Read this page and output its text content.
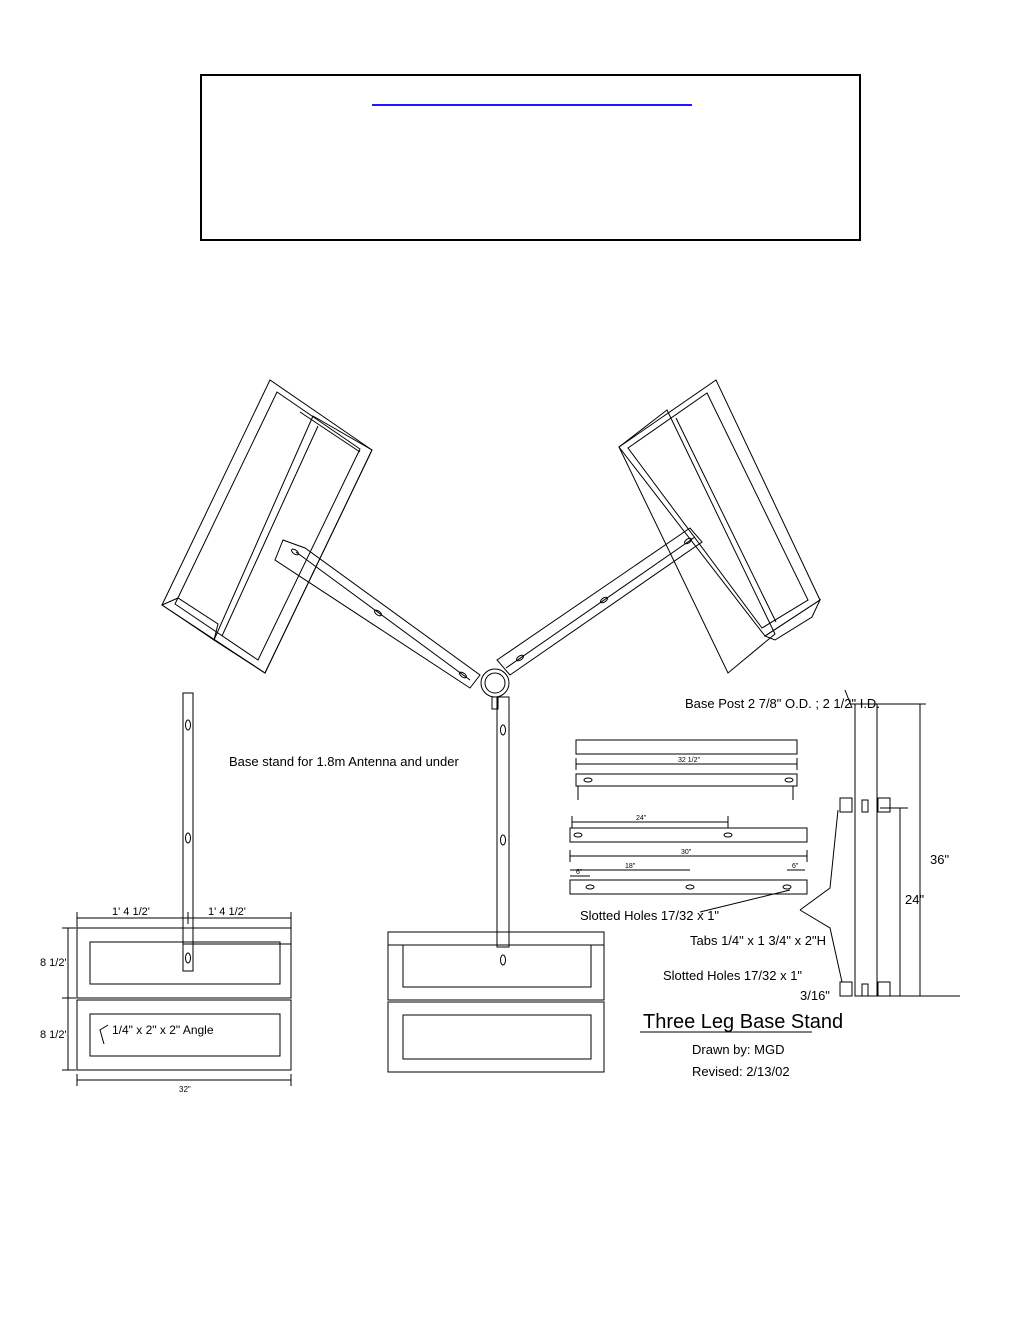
Base stand for 1.8m Antenna and under
Base Post 2 7/8" O.D. ; 2 1/2" I.D.
36"
24"
Slotted Holes 17/32 x 1"
Tabs 1/4" x 1 3/4" x 2"H
Slotted Holes 17/32 x 1"
3/16"
1' 4 1/2'	1' 4 1/2'
8 1/2'
8 1/2'	1/4" x 2" x 2" Angle
32"
32 1/2"
24"
30"
18"
6"
6"
Three Leg Base Stand
Drawn by: MGD
Revised: 2/13/02
